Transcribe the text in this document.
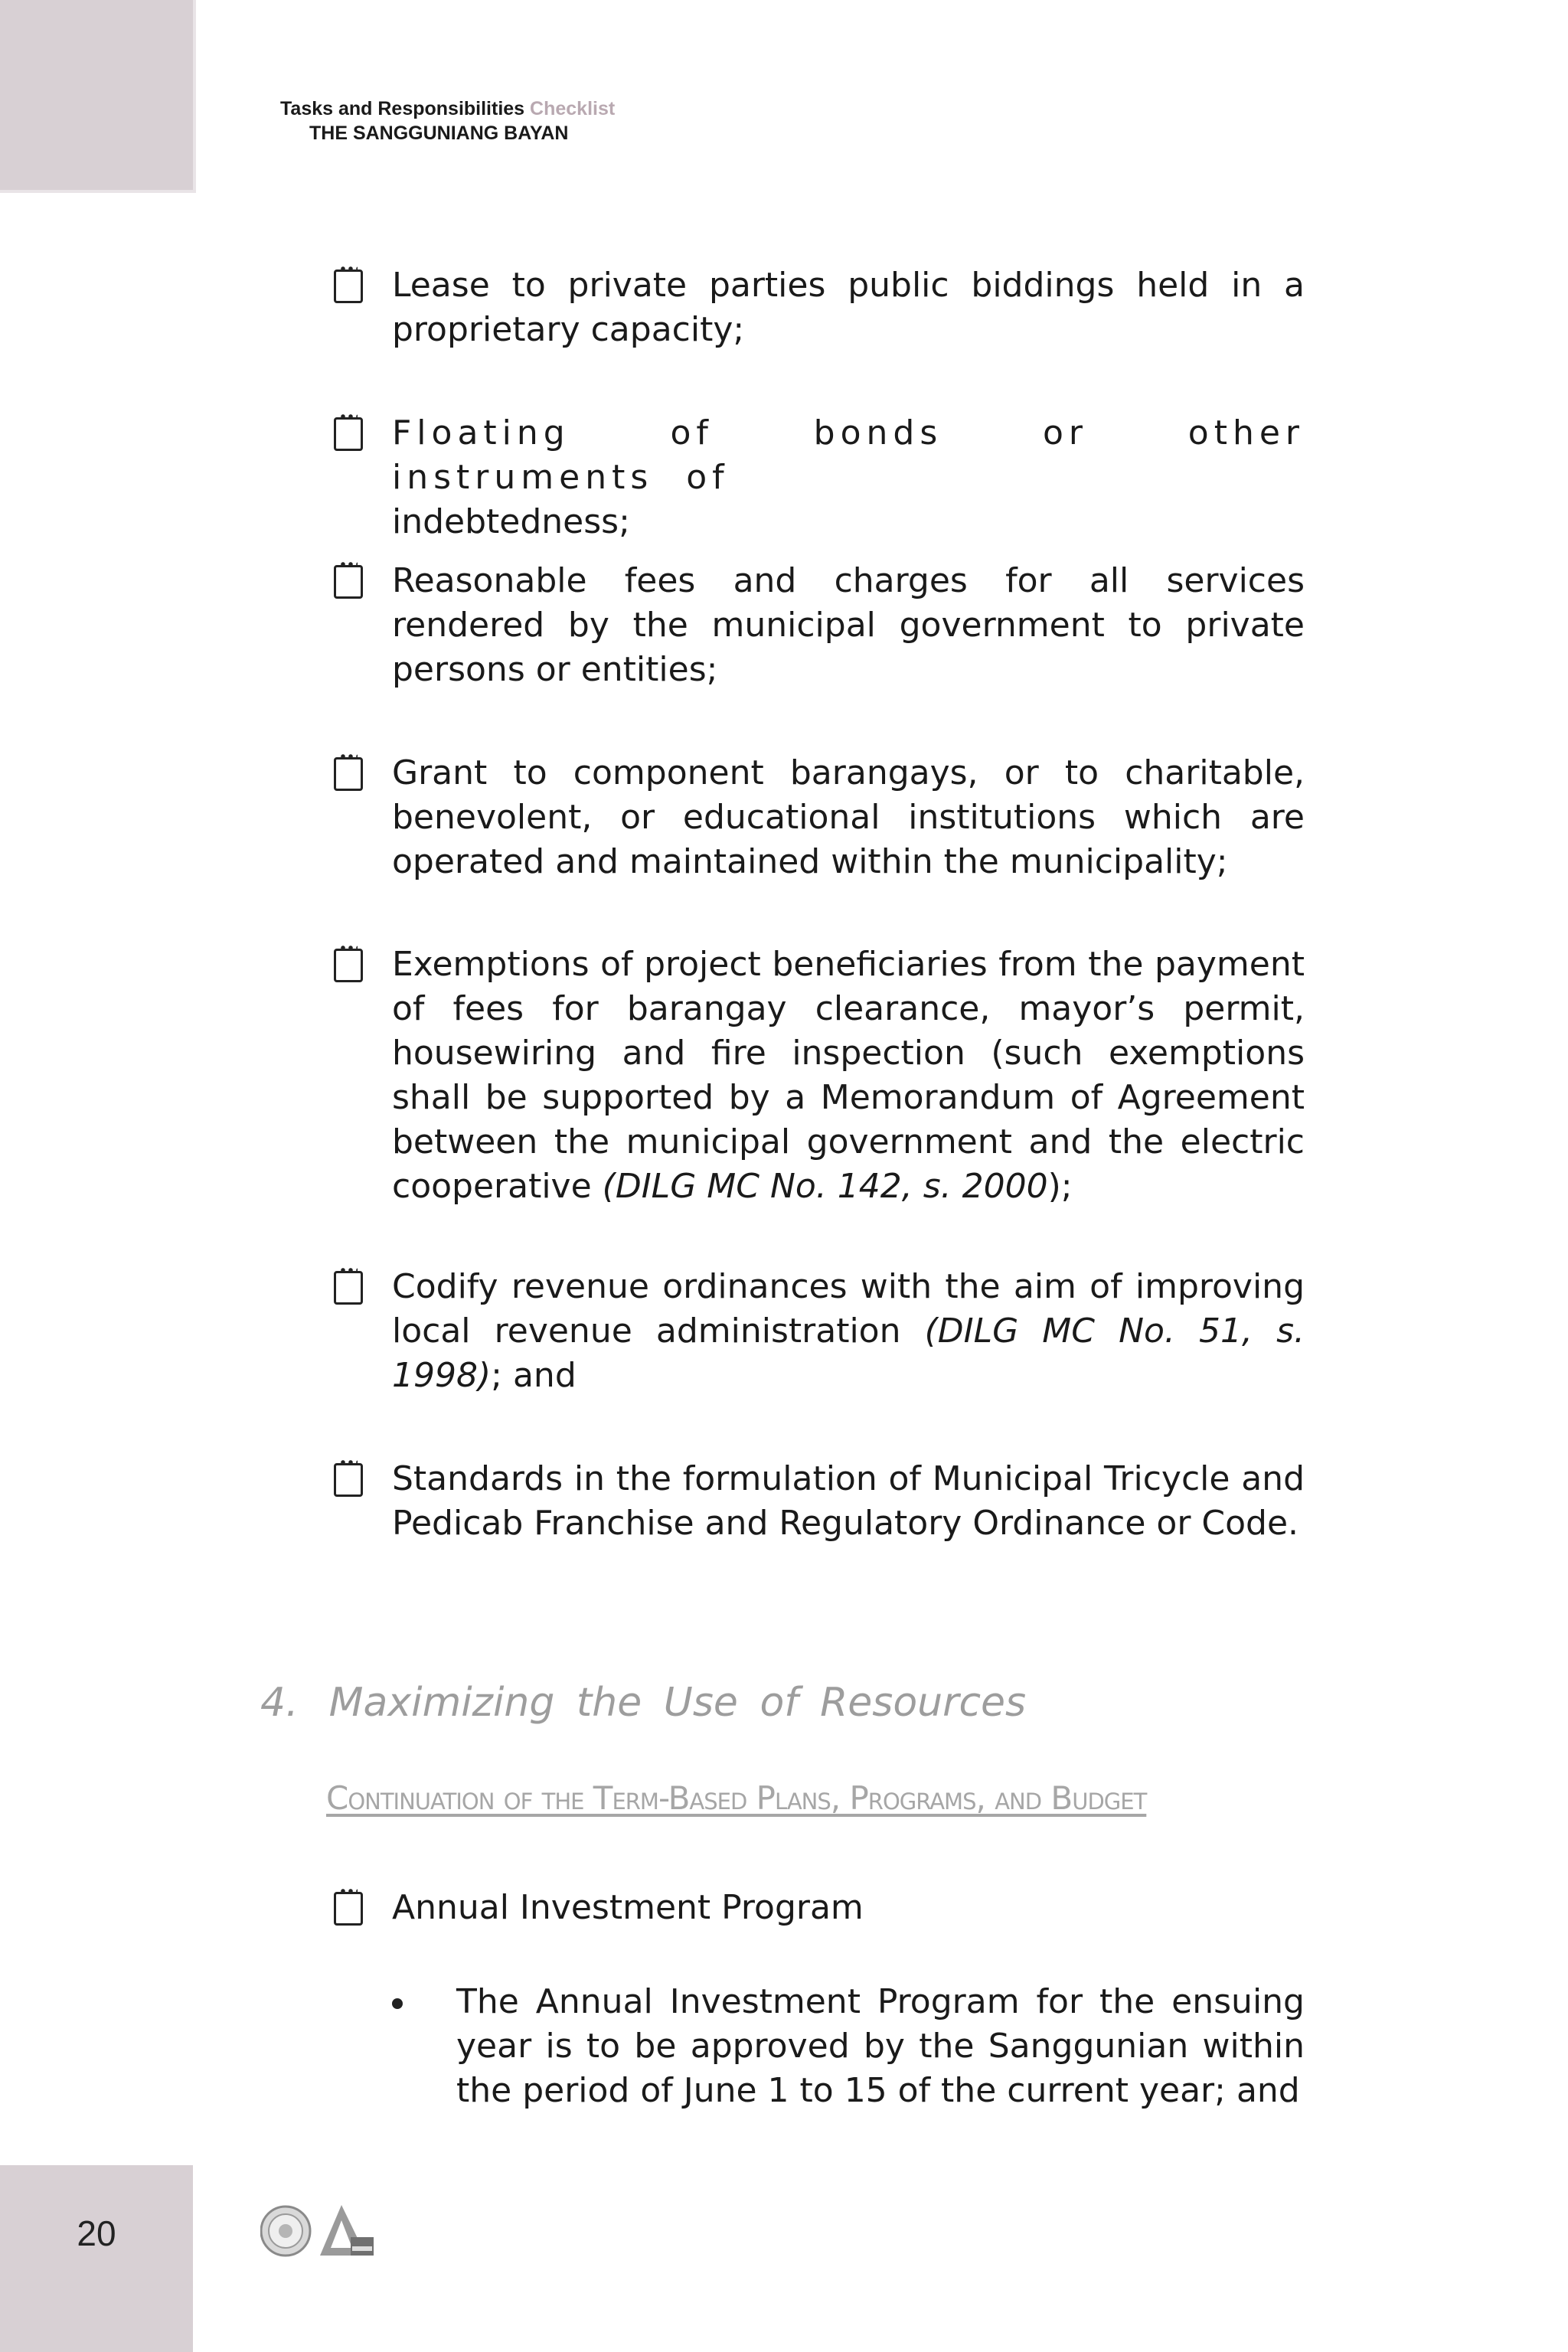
Tasks and Responsibilities Checklist
THE SANGGUNIANG BAYAN
Lease to private parties public biddings held in a proprietary capacity;
Floating of bonds or other instruments of
indebtedness;
Reasonable fees and charges for all services rendered by the municipal government to private persons or entities;
Grant to component barangays, or to charitable, benevolent, or educational institutions which are operated and maintained within the municipality;
Exemptions of project beneficiaries from the payment of fees for barangay clearance, mayor’s permit, housewiring and fire inspection (such exemptions shall be supported by a Memorandum of Agreement between the municipal government and the electric cooperative (DILG MC No. 142, s. 2000);
Codify revenue ordinances with the aim of improving local revenue administration (DILG MC No. 51, s. 1998); and
Standards in the formulation of Municipal Tricycle and Pedicab Franchise and Regulatory Ordinance or Code.
4. Maximizing the Use of Resources
Continuation of the Term-Based Plans, Programs, and Budget
Annual Investment Program
The Annual Investment Program for the ensuing year is to be approved by the Sanggunian within the period of June 1 to 15 of the current year; and
20
